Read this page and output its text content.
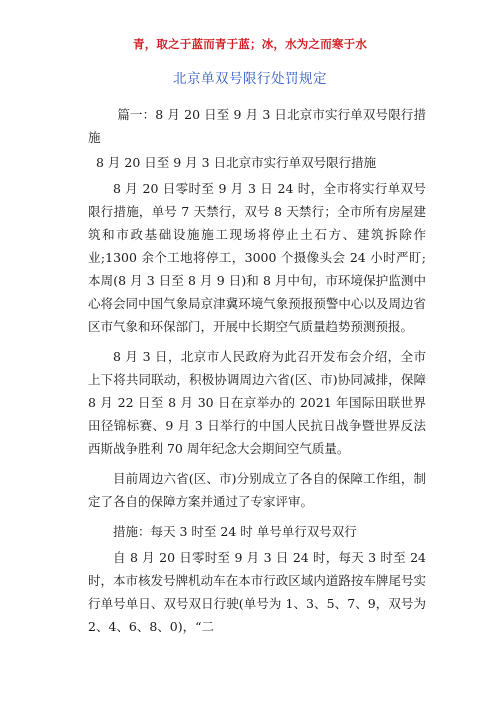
青，取之于蓝而青于蓝；冰，水为之而寒于水
北京单双号限行处罚规定

篇一：8 月 20 日至 9 月 3 日北京市实行单双号限行措施

8 月 20 日至 9 月 3 日北京市实行单双号限行措施

8 月 20 日零时至 9 月 3 日 24 时，全市将实行单双号限行措施，单号 7 天禁行，双号 8 天禁行；全市所有房屋建筑和市政基础设施施工现场将停止土石方、建筑拆除作业;1300 余个工地将停工，3000 个摄像头会 24 小时严盯;本周(8 月 3 日至 8 月 9 日)和 8 月中旬，市环境保护监测中心将会同中国气象局京津冀环境气象预报预警中心以及周边省区市气象和环保部门，开展中长期空气质量趋势预测预报。

8 月 3 日，北京市人民政府为此召开发布会介绍，全市上下将共同联动，积极协调周边六省(区、市)协同减排，保障 8 月 22 日至 8 月 30 日在京举办的 2021 年国际田联世界田径锦标赛、9 月 3 日举行的中国人民抗日战争暨世界反法西斯战争胜利 70 周年纪念大会期间空气质量。

目前周边六省(区、市)分别成立了各自的保障工作组，制定了各自的保障方案并通过了专家评审。

措施：每天 3 时至 24 时 单号单行双号双行

自 8 月 20 日零时至 9 月 3 日 24 时，每天 3 时至 24 时，本市核发号牌机动车在本市行政区域内道路按车牌尾号实行单号单日、双号双日行驶(单号为 1、3、5、7、9，双号为 2、4、6、8、0)，“二
